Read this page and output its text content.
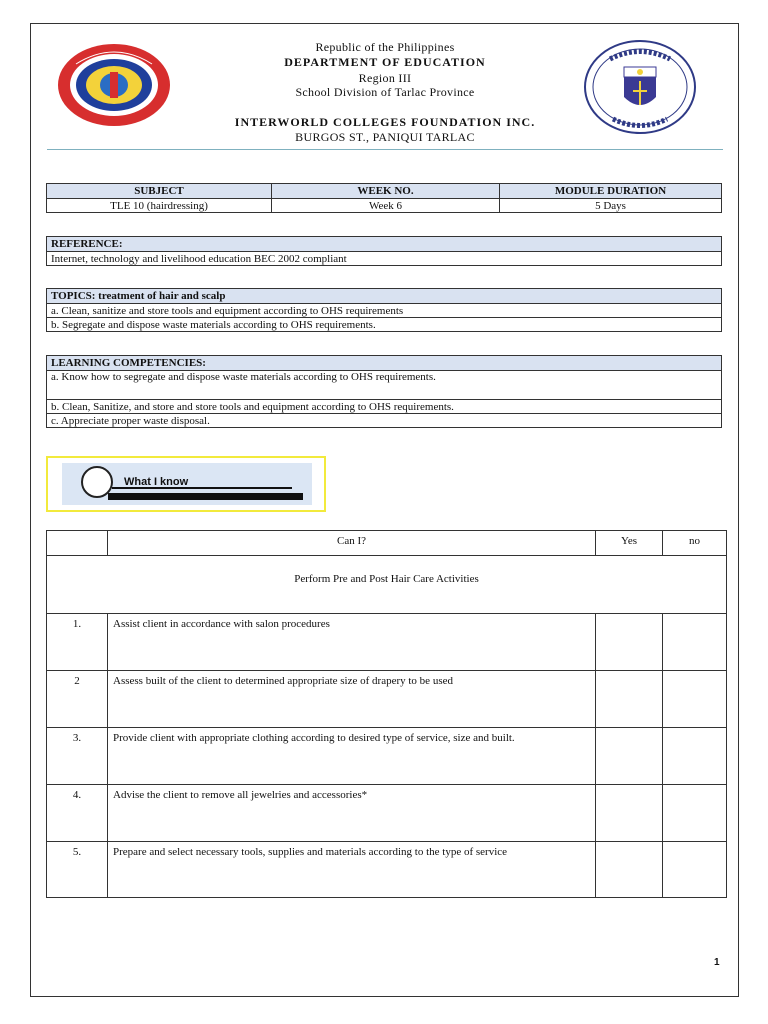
Republic of the Philippines
DEPARTMENT OF EDUCATION
Region III
School Division of Tarlac Province
INTERWORLD COLLEGES FOUNDATION INC.
BURGOS ST., PANIQUI TARLAC
SUBJECT	WEEK NO.	MODULE DURATION
TLE 10 (hairdressing)	Week 6	5 Days
REFERENCE:
Internet, technology and livelihood education BEC 2002 compliant
TOPICS: treatment of hair and scalp
a. Clean, sanitize and store tools and equipment according to OHS requirements
b. Segregate and dispose waste materials according to OHS requirements.
LEARNING COMPETENCIES:
a. Know how to segregate and dispose waste materials according to OHS requirements.
b. Clean, Sanitize, and store and store tools and equipment according to OHS requirements.
c. Appreciate proper waste disposal.
What I know
	Can I?	Yes	no
Perform Pre and Post Hair Care Activities			
1.	Assist client in accordance with salon procedures		
2	Assess built of the client to determined appropriate size of drapery to be used		
3.	Provide client with appropriate clothing according to desired type of service, size and built.		
4.	Advise the client to remove all jewelries and accessories*		
5.	Prepare and select necessary tools, supplies and materials according to the type of service		
1
